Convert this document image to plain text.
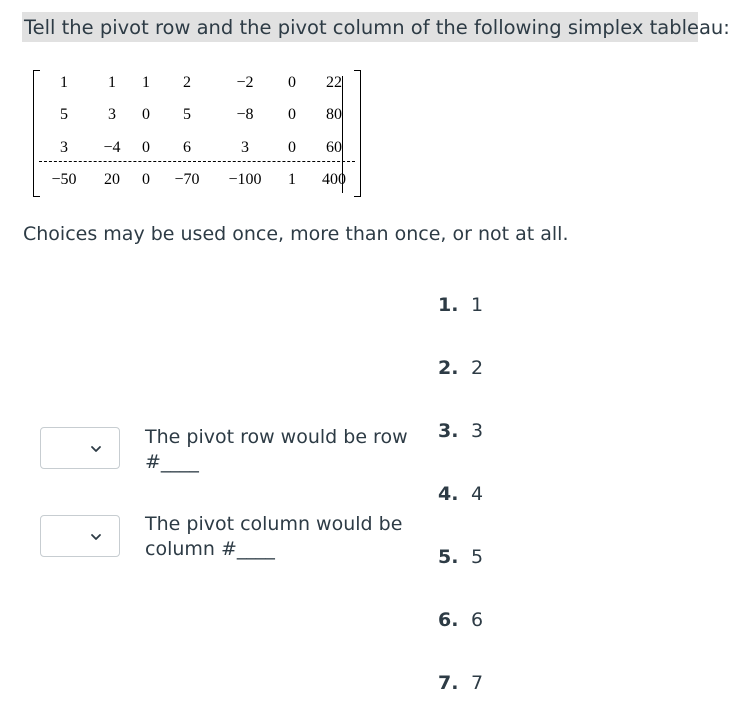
Tell the pivot row and the pivot column of the following simplex tableau:
1	1 1 2	−2 0 22
5	3 0 5	−8 0 80
3 −4 0 6	3 0 60
−50 20 0 −70 −100 1 400
Choices may be used once, more than once, or not at all.
The pivot row would be row
#____
The pivot column would be
column #____
1. 1
2. 2
3. 3
4. 4
5. 5
6. 6
7. 7
